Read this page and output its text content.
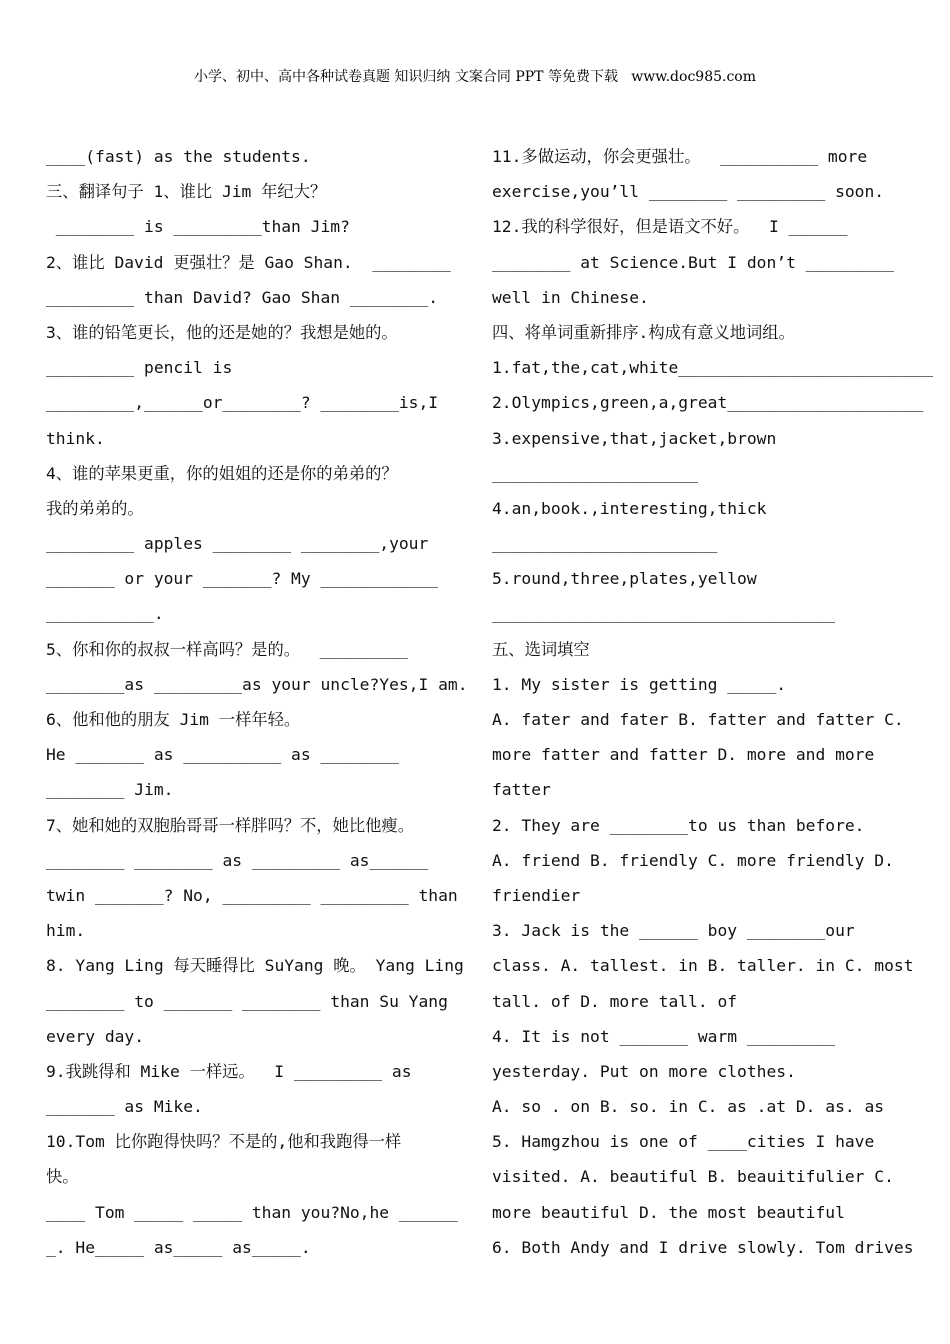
小学、初中、高中各种试卷真题 知识归纳 文案合同 PPT 等免费下载   www.doc985.com
____(fast) as the students.
三、翻译句子 1、谁比 Jim 年纪大？
________ is _________than Jim?
2、谁比 David 更强壮？是 Gao Shan.  ________
_________ than David? Gao Shan ________.
3、谁的铅笔更长，他的还是她的？我想是她的。
_________ pencil is
_________,______or________? ________is,I
think.
4、谁的苹果更重，你的姐姐的还是你的弟弟的？
我的弟弟的。
_________ apples ________ ________,your
_______ or your _______? My ____________
___________.
5、你和你的叔叔一样高吗？是的。  _________
________as _________as your uncle?Yes,I am.
6、他和他的朋友 Jim 一样年轻。
He _______ as __________ as ________
________ Jim.
7、她和她的双胞胎哥哥一样胖吗？不，她比他瘦。
________ ________ as _________ as______
twin _______? No, _________ _________ than
him.
8. Yang Ling 每天睡得比 SuYang 晚。 Yang Ling
________ to _______ ________ than Su Yang
every day.
9.我跳得和 Mike 一样远。  I _________ as
_______ as Mike.
10.Tom 比你跑得快吗？不是的,他和我跑得一样
快。
____ Tom _____ _____ than you?No,he ______
_. He_____ as_____ as_____.
11.多做运动，你会更强壮。  __________ more
exercise,you’ll ________ _________ soon.
12.我的科学很好，但是语文不好。  I ______
________ at Science.But I don’t _________
well in Chinese.
四、将单词重新排序.构成有意义地词组。
1.fat,the,cat,white__________________________
2.Olympics,green,a,great____________________
3.expensive,that,jacket,brown
_____________________
4.an,book.,interesting,thick
_______________________
5.round,three,plates,yellow
___________________________________
五、选词填空
1. My sister is getting _____.
A. fater and fater B. fatter and fatter C.
more fatter and fatter D. more and more
fatter
2. They are ________to us than before.
A. friend B. friendly C. more friendly D.
friendier
3. Jack is the ______ boy ________our
class. A. tallest. in B. taller. in C. most
tall. of D. more tall. of
4. It is not _______ warm _________
yesterday. Put on more clothes.
A. so . on B. so. in C. as .at D. as. as
5. Hamgzhou is one of ____cities I have
visited. A. beautiful B. beauitifulier C.
more beautiful D. the most beautiful
6. Both Andy and I drive slowly. Tom drives
